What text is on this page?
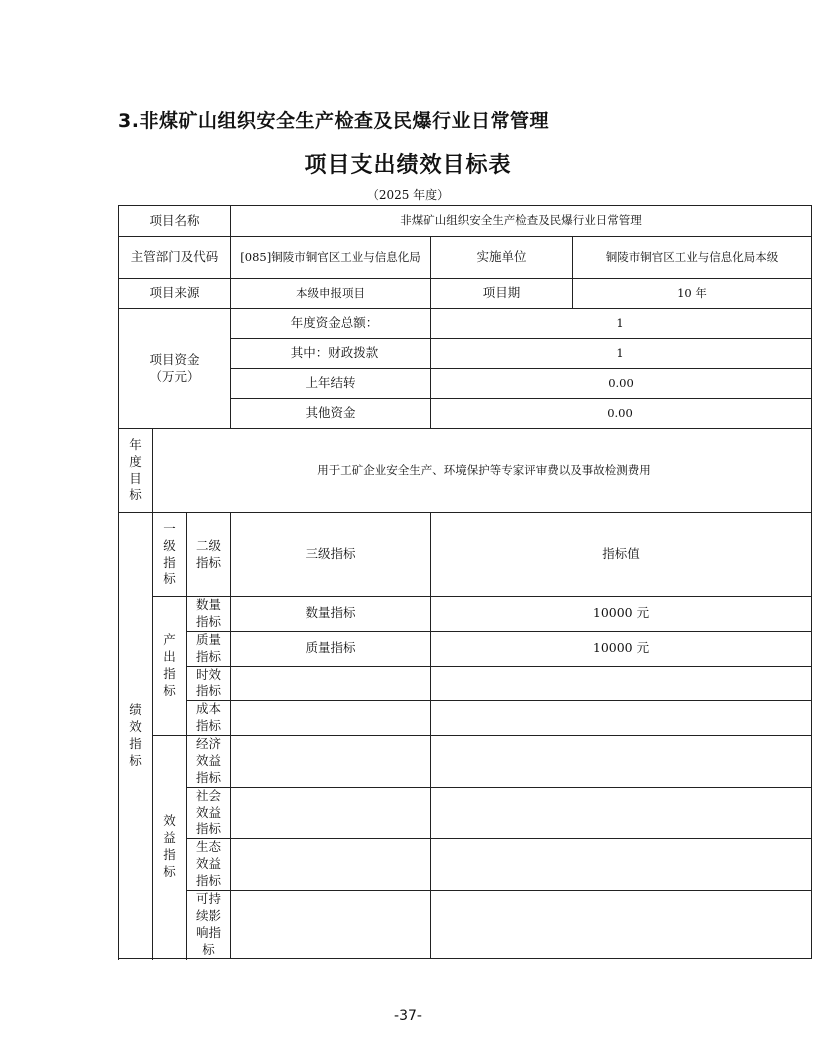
3.非煤矿山组织安全生产检查及民爆行业日常管理
项目支出绩效目标表
（2025 年度）
项目名称			非煤矿山组织安全生产检查及民爆行业日常管理		
主管部门及代码			[085]铜陵市铜官区工业与信息化局	实施单位	铜陵市铜官区工业与信息化局本级
项目来源			本级申报项目	项目期	10 年

项目资金
（万元）			年度资金总额：	1	
			其中：财政拨款	1	
			上年结转	0.00	
			其他资金	0.00	
年度目标	用于工矿企业安全生产、环境保护等专家评审费以及事故检测费用				
绩效指标	一级指标	二级指标	三级指标	指标值	
	产出指标	数量指标	数量指标	10000 元	
		质量指标	质量指标	10000 元	
		时效指标			
		成本指标			
	效益指标	经济效益指标			

		社会效益指标			

		生态效益指标			

		可持续影响指标			

-37-
